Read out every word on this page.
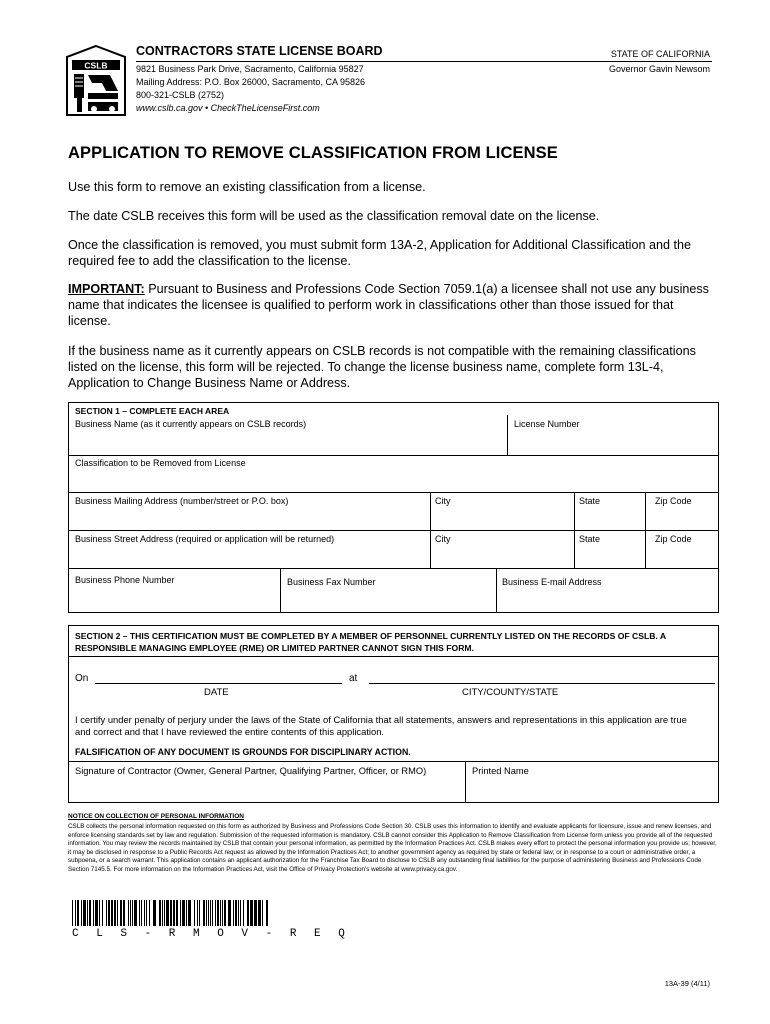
CSLB
CONTRACTORS STATE LICENSE BOARD
9821 Business Park Drive, Sacramento, California 95827
Mailing Address: P.O. Box 26000, Sacramento, CA 95826
800-321-CSLB (2752)
www.cslb.ca.gov • CheckTheLicenseFirst.com
STATE OF CALIFORNIA
Governor Gavin Newsom
APPLICATION TO REMOVE CLASSIFICATION FROM LICENSE
Use this form to remove an existing classification from a license.
The date CSLB receives this form will be used as the classification removal date on the license.
Once the classification is removed, you must submit form 13A-2, Application for Additional Classification and the required fee to add the classification to the license.
IMPORTANT: Pursuant to Business and Professions Code Section 7059.1(a) a licensee shall not use any business name that indicates the licensee is qualified to perform work in classifications other than those issued for that license.
If the business name as it currently appears on CSLB records is not compatible with the remaining classifications listed on the license, this form will be rejected. To change the license business name, complete form 13L-4, Application to Change Business Name or Address.
SECTION 1 – COMPLETE EACH AREA
Business Name (as it currently appears on CSLB records)	License Number
Classification to be Removed from License
Business Mailing Address (number/street or P.O. box)	City	State	Zip Code
Business Street Address (required or application will be returned)	City	State	Zip Code
Business Phone Number	Business Fax Number	Business E-mail Address
SECTION 2 – THIS CERTIFICATION MUST BE COMPLETED BY A MEMBER OF PERSONNEL CURRENTLY LISTED ON THE RECORDS OF CSLB. A RESPONSIBLE MANAGING EMPLOYEE (RME) OR LIMITED PARTNER CANNOT SIGN THIS FORM.
On	at
DATE	CITY/COUNTY/STATE
I certify under penalty of perjury under the laws of the State of California that all statements, answers and representations in this application are true and correct and that I have reviewed the entire contents of this application.
FALSIFICATION OF ANY DOCUMENT IS GROUNDS FOR DISCIPLINARY ACTION.
Signature of Contractor (Owner, General Partner, Qualifying Partner, Officer, or RMO)	Printed Name
NOTICE ON COLLECTION OF PERSONAL INFORMATION
CSLB collects the personal information requested on this form as authorized by Business and Professions Code Section 30. CSLB uses this information to identify and evaluate applicants for licensure, issue and renew licenses, and enforce licensing standards set by law and regulation. Submission of the requested information is mandatory. CSLB cannot consider this Application to Remove Classification from License form unless you provide all of the requested information. You may review the records maintained by CSLB that contain your personal information, as permitted by the Information Practices Act. CSLB makes every effort to protect the personal information you provide us; however, it may be disclosed in response to a Public Records Act request as allowed by the Information Practices Act; to another government agency as required by state or federal law; or in response to a court or administrative order, a subpoena, or a search warrant. This application contains an applicant authorization for the Franchise Tax Board to disclose to CSLB any outstanding final liabilities for the purpose of administering Business and Professions Code Section 7145.5. For more information on the Information Practices Act, visit the Office of Privacy Protection's website at www.privacy.ca.gov.
C L S - R M O V - R E Q
13A-39 (4/11)
